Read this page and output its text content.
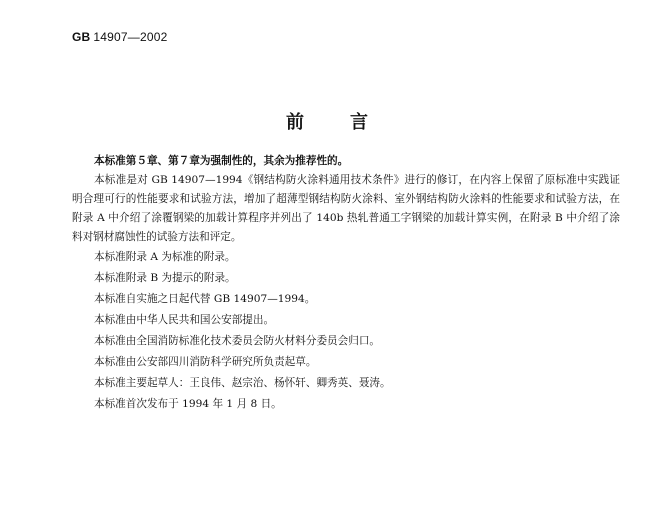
GB 14907—2002
前言

本标准第５章、第７章为强制性的，其余为推荐性的。

本标准是对 GB 14907—1994《钢结构防火涂料通用技术条件》进行的修订，在内容上保留了原标准中实践证明合理可行的性能要求和试验方法，增加了超薄型钢结构防火涂料、室外钢结构防火涂料的性能要求和试验方法，在附录 A 中介绍了涂覆钢梁的加载计算程序并列出了 140b 热轧普通工字钢梁的加载计算实例，在附录 B 中介绍了涂料对钢材腐蚀性的试验方法和评定。

本标准附录 A 为标准的附录。

本标准附录 B 为提示的附录。

本标准自实施之日起代替 GB 14907—1994。

本标准由中华人民共和国公安部提出。

本标准由全国消防标准化技术委员会防火材料分委员会归口。

本标准由公安部四川消防科学研究所负责起草。

本标准主要起草人：王良伟、赵宗治、杨怀轩、卿秀英、聂涛。

本标准首次发布于 1994 年 1 月 8 日。
